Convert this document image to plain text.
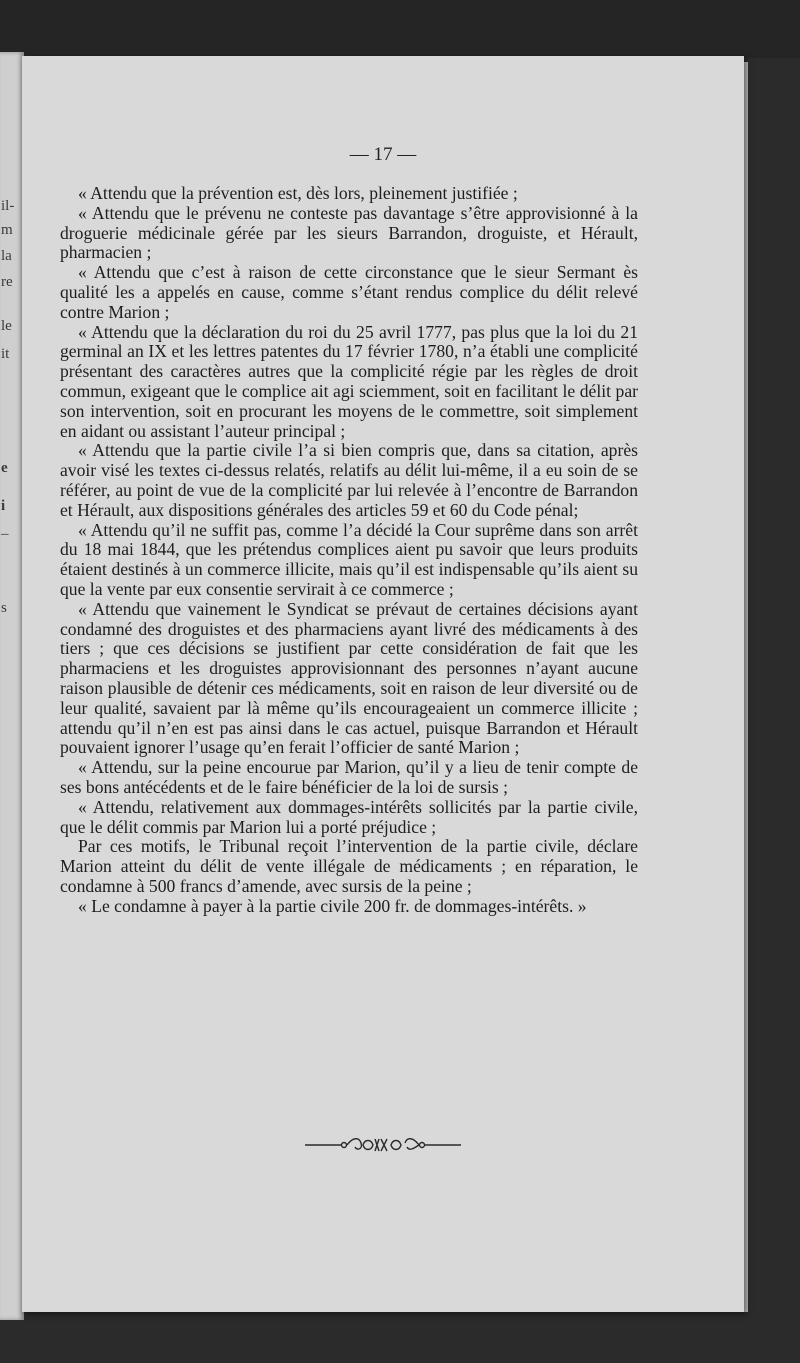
il-
m
la
re
le
it
e
i
–
s
— 17 —

« Attendu que la prévention est, dès lors, pleinement justifiée ;

« Attendu que le prévenu ne conteste pas davantage s’être approvisionné à la droguerie médicinale gérée par les sieurs Barrandon, droguiste, et Hérault, pharmacien ;

« Attendu que c’est à raison de cette circonstance que le sieur Sermant ès qualité les a appelés en cause, comme s’étant rendus complice du délit relevé contre Marion ;

« Attendu que la déclaration du roi du 25 avril 1777, pas plus que la loi du 21 germinal an IX et les lettres patentes du 17 février 1780, n’a établi une complicité présentant des caractères autres que la complicité régie par les règles de droit commun, exigeant que le complice ait agi sciemment, soit en facilitant le délit par son intervention, soit en procurant les moyens de le commettre, soit simplement en aidant ou assistant l’auteur principal ;

« Attendu que la partie civile l’a si bien compris que, dans sa citation, après avoir visé les textes ci-dessus relatés, relatifs au délit lui-même, il a eu soin de se référer, au point de vue de la complicité par lui relevée à l’encontre de Barrandon et Hérault, aux dispositions générales des articles 59 et 60 du Code pénal;

« Attendu qu’il ne suffit pas, comme l’a décidé la Cour suprême dans son arrêt du 18 mai 1844, que les prétendus complices aient pu savoir que leurs produits étaient destinés à un commerce illicite, mais qu’il est indispensable qu’ils aient su que la vente par eux consentie servirait à ce commerce ;

« Attendu que vainement le Syndicat se prévaut de certaines décisions ayant condamné des droguistes et des pharmaciens ayant livré des médicaments à des tiers ; que ces décisions se justifient par cette considération de fait que les pharmaciens et les droguistes approvisionnant des personnes n’ayant aucune raison plausible de détenir ces médicaments, soit en raison de leur diversité ou de leur qualité, savaient par là même qu’ils encourageaient un commerce illicite ; attendu qu’il n’en est pas ainsi dans le cas actuel, puisque Barrandon et Hérault pouvaient ignorer l’usage qu’en ferait l’officier de santé Marion ;

« Attendu, sur la peine encourue par Marion, qu’il y a lieu de tenir compte de ses bons antécédents et de le faire bénéficier de la loi de sursis ;

« Attendu, relativement aux dommages-intérêts sollicités par la partie civile, que le délit commis par Marion lui a porté préjudice ;

Par ces motifs, le Tribunal reçoit l’intervention de la partie civile, déclare Marion atteint du délit de vente illégale de médicaments ; en réparation, le condamne à 500 francs d’amende, avec sursis de la peine ;

« Le condamne à payer à la partie civile 200 fr. de dommages-intérêts. »
